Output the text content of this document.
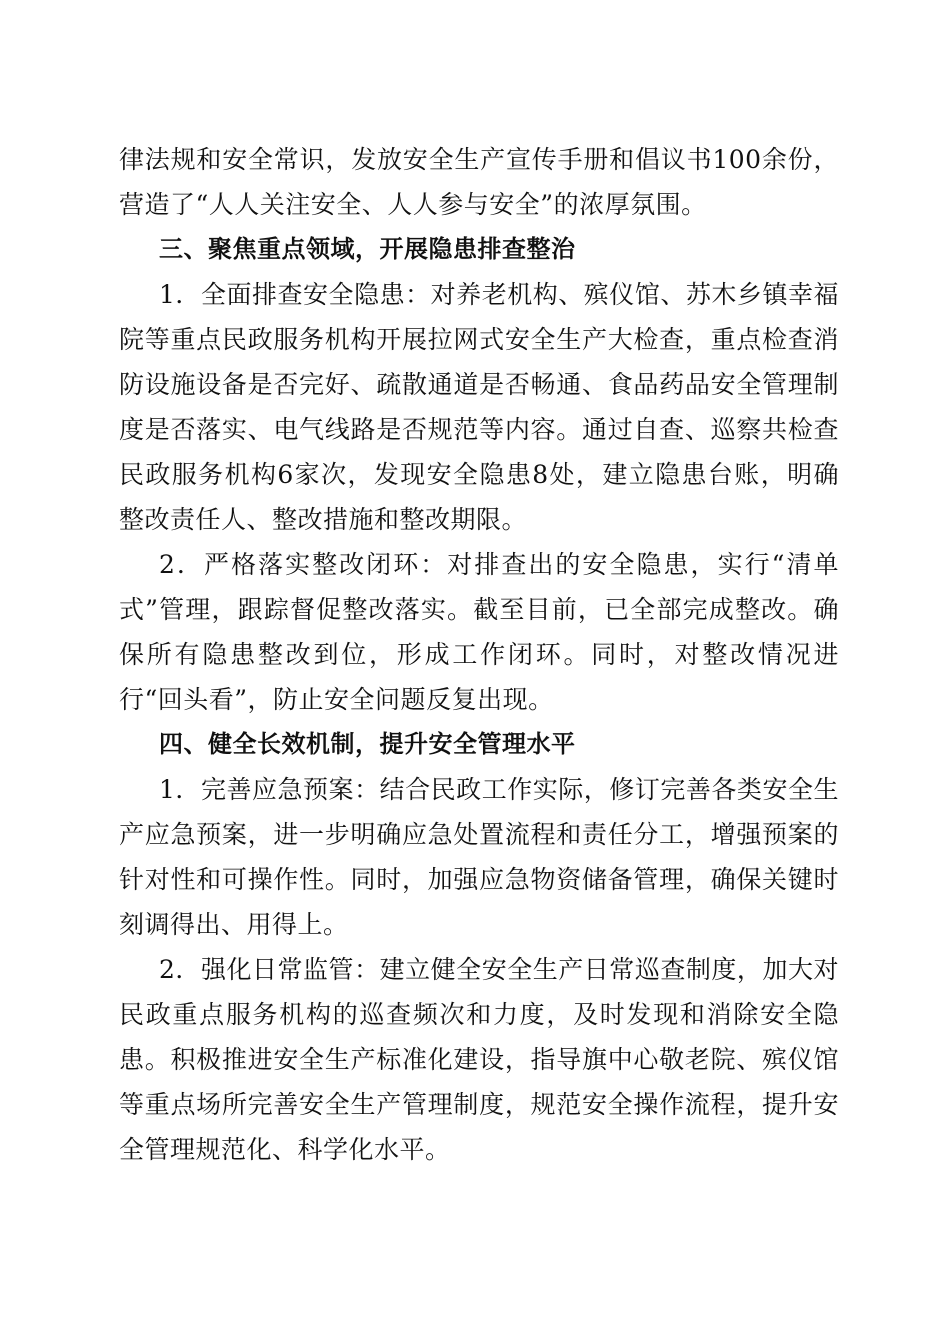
律法规和安全常识，发放安全生产宣传手册和倡议书100余份，营造了“人人关注安全、人人参与安全”的浓厚氛围。

三、聚焦重点领域，开展隐患排查整治

1．全面排查安全隐患：对养老机构、殡仪馆、苏木乡镇幸福院等重点民政服务机构开展拉网式安全生产大检查，重点检查消防设施设备是否完好、疏散通道是否畅通、食品药品安全管理制度是否落实、电气线路是否规范等内容。通过自查、巡察共检查民政服务机构6家次，发现安全隐患8处，建立隐患台账，明确整改责任人、整改措施和整改期限。

2．严格落实整改闭环：对排查出的安全隐患，实行“清单式”管理，跟踪督促整改落实。截至目前，已全部完成整改。确保所有隐患整改到位，形成工作闭环。同时，对整改情况进行“回头看”，防止安全问题反复出现。

四、健全长效机制，提升安全管理水平

1．完善应急预案：结合民政工作实际，修订完善各类安全生产应急预案，进一步明确应急处置流程和责任分工，增强预案的针对性和可操作性。同时，加强应急物资储备管理，确保关键时刻调得出、用得上。

2．强化日常监管：建立健全安全生产日常巡查制度，加大对民政重点服务机构的巡查频次和力度，及时发现和消除安全隐患。积极推进安全生产标准化建设，指导旗中心敬老院、殡仪馆等重点场所完善安全生产管理制度，规范安全操作流程，提升安全管理规范化、科学化水平。
